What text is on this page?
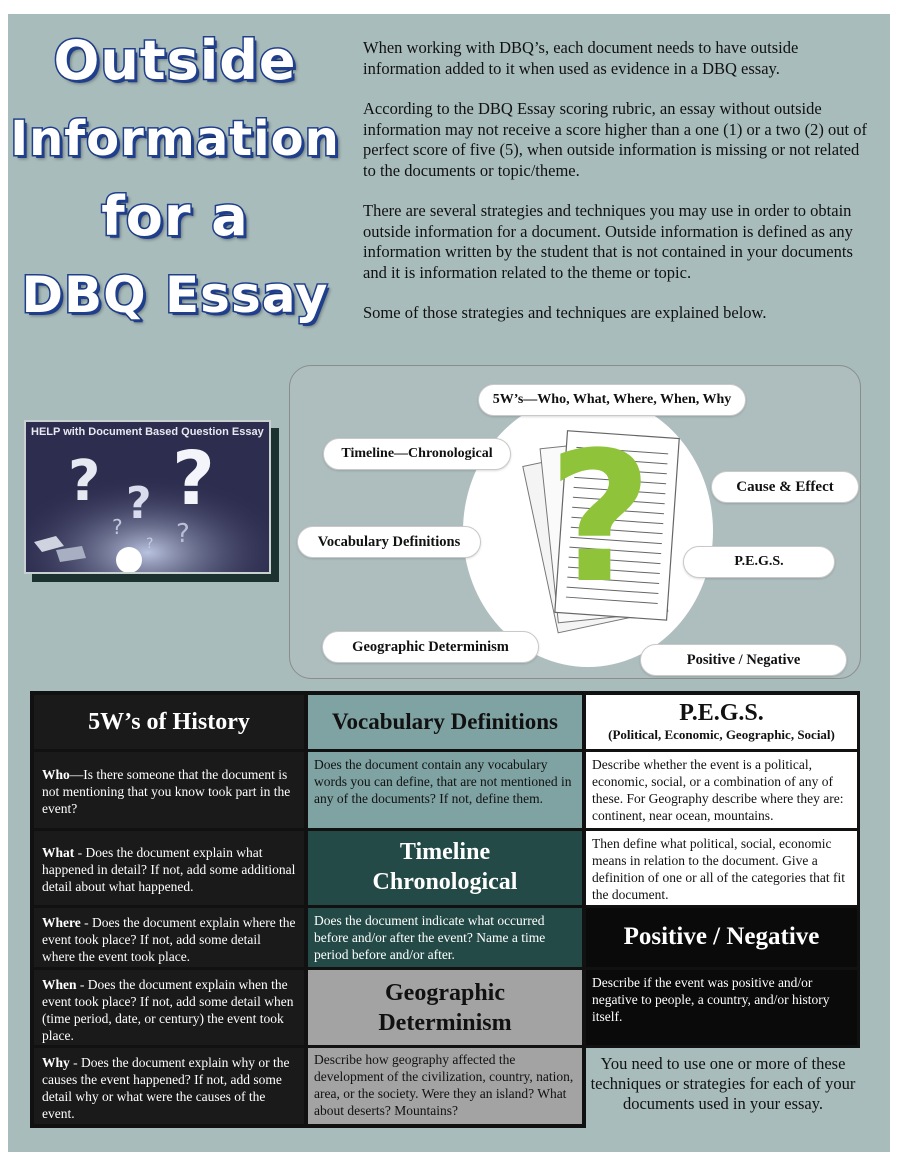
Outside
Information
for a
DBQ Essay

When working with DBQ’s, each document needs to have outside information added to it when used as evidence in a DBQ essay.

According to the DBQ Essay scoring rubric, an essay without outside information may not receive a score higher than a one (1) or a two (2) out of perfect score of five (5), when outside information is missing or not related to the documents or topic/theme.

There are several strategies and techniques you may use in order to obtain outside information for a document. Outside information is defined as any information written by the student that is not contained in your documents and it is information related to the theme or topic.

Some of those strategies and techniques are explained below.

HELP with Document Based Question Essay
? ? ?
? ?
? ?
5W’s—Who, What, Where, When, Why
Timeline—Chronological
Cause & Effect
Vocabulary Definitions
P.E.G.S.
Geographic Determinism
Positive / Negative
5W’s of History
Who—Is there someone that the document is not mentioning that you know took part in the event?
What - Does the document explain what happened in detail? If not, add some additional detail about what happened.
Where - Does the document explain where the event took place? If not, add some detail where the event took place.
When - Does the document explain when the event took place? If not, add some detail when (time period, date, or century) the event took place.
Why - Does the document explain why or the causes the event happened? If not, add some detail why or what were the causes of the event.
Vocabulary Definitions
Does the document contain any vocabulary words you can define, that are not mentioned in any of the documents? If not, define them.
Timeline
Chronological
Does the document indicate what occurred before and/or after the event? Name a time period before and/or after.
Geographic
Determinism
Describe how geography affected the development of the civilization, country, nation, area, or the society. Were they an island? What about deserts? Mountains?
P.E.G.S.
(Political, Economic, Geographic, Social)
Describe whether the event is a political, economic, social, or a combination of any of these. For Geography describe where they are: continent, near ocean, mountains.
Then define what political, social, economic means in relation to the document. Give a definition of one or all of the categories that fit the document.
Positive / Negative
Describe if the event was positive and/or negative to people, a country, and/or history itself.
You need to use one or more of these techniques or strategies for each of your documents used in your essay.
